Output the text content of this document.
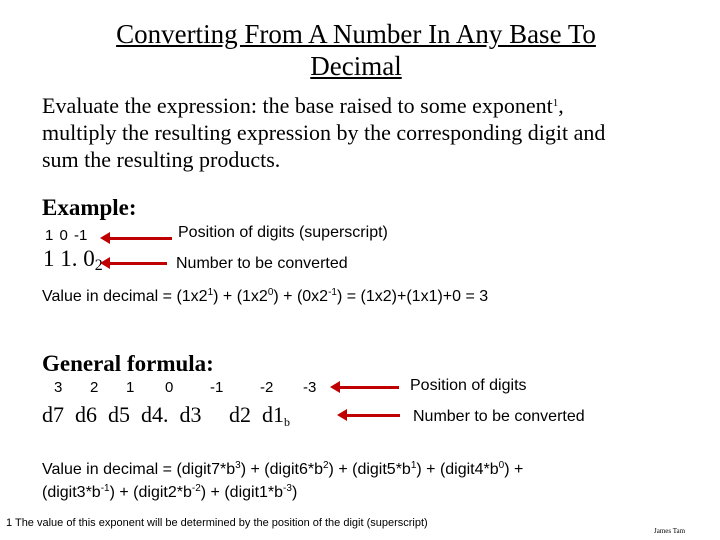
Converting From A Number In Any Base To
Decimal
Evaluate the expression: the base raised to some exponent$^1$,
multiply the resulting expression by the corresponding digit and
sum the resulting products.
Example:
1 0 -1
1 1. $0_2$
Position of digits (superscript)
Number to be converted
Value in decimal = $(1x2^1) + (1x2^0) + (0x2^{-1}) = (1x2)+(1x1)+0 = 3$
General formula:
3 2 1 0 -1 -2 -3
d7  d6  d5  d4.  d3     d2  $d1_b$
Position of digits
Number to be converted
Value in decimal = $(digit7*b^3)$ + $(digit6*b^2)$ + $(digit5*b^1)$ + $(digit4*b^0)$ +
$(digit3*b^{-1})$ + $(digit2*b^{-2})$ + $(digit1*b^{-3})$
1 The value of this exponent will be determined by the position of the digit (superscript)
James Tam
